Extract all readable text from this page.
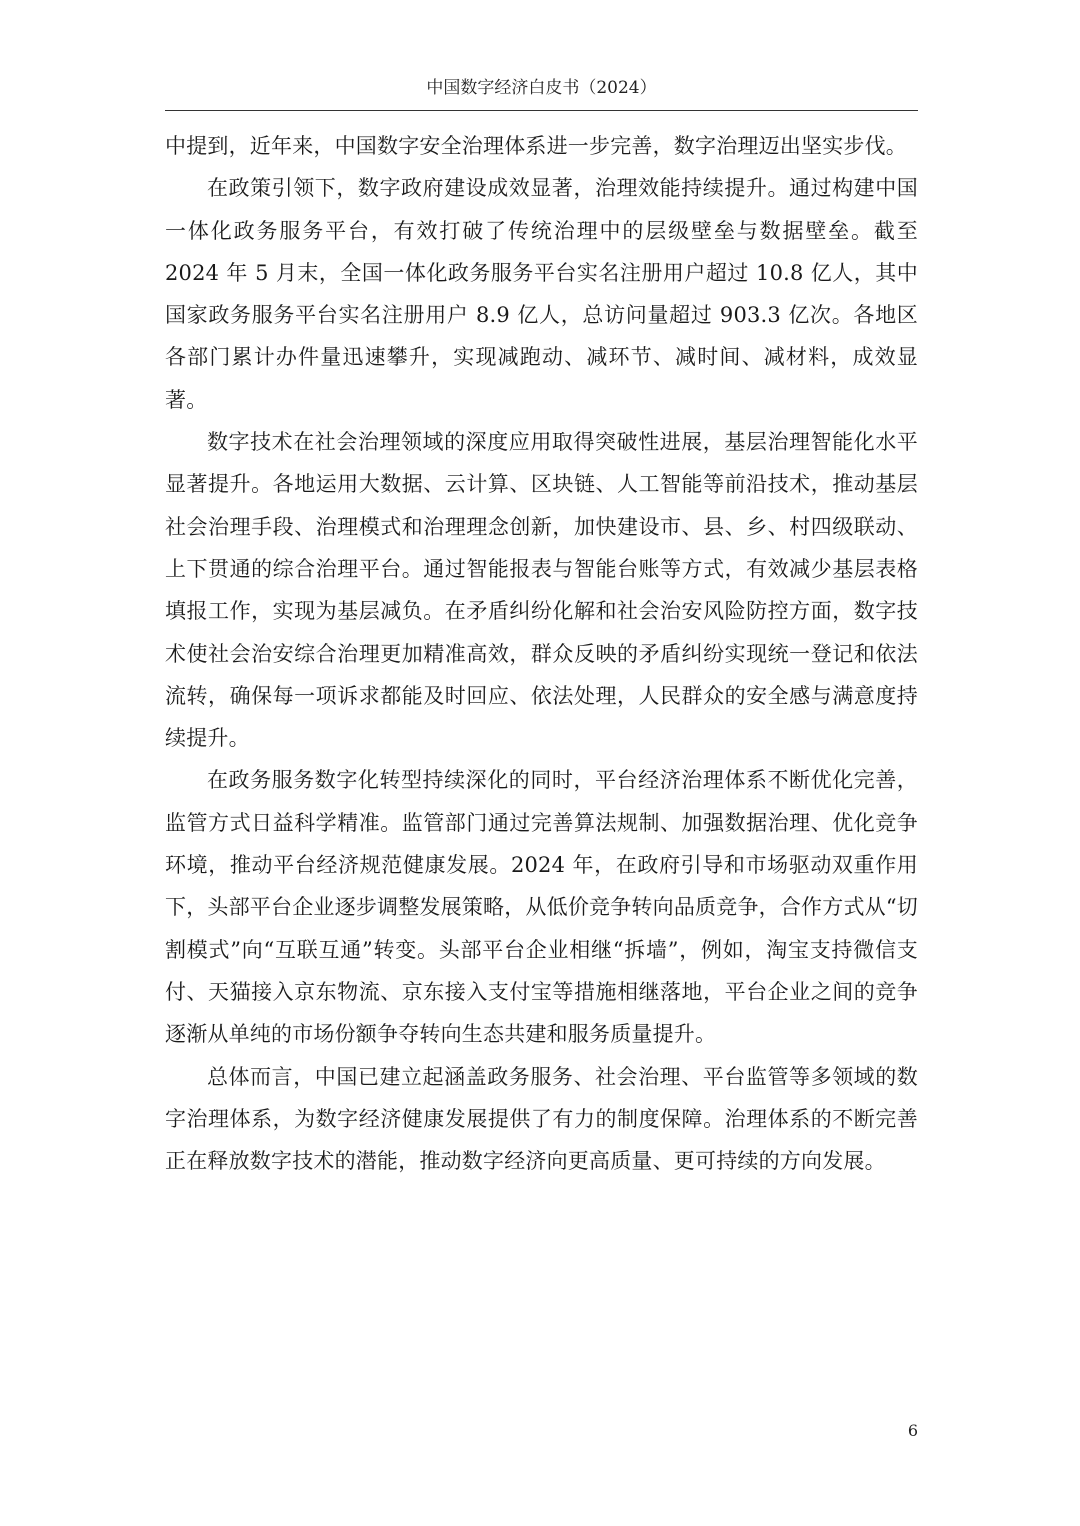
中国数字经济白皮书（2024）

中提到，近年来，中国数字安全治理体系进一步完善，数字治理迈出坚实步伐。

在政策引领下，数字政府建设成效显著，治理效能持续提升。通过构建中国一体化政务服务平台，有效打破了传统治理中的层级壁垒与数据壁垒。截至 2024 年 5 月末，全国一体化政务服务平台实名注册用户超过 10.8 亿人，其中国家政务服务平台实名注册用户 8.9 亿人，总访问量超过 903.3 亿次。各地区各部门累计办件量迅速攀升，实现减跑动、减环节、减时间、减材料，成效显著。

数字技术在社会治理领域的深度应用取得突破性进展，基层治理智能化水平显著提升。各地运用大数据、云计算、区块链、人工智能等前沿技术，推动基层社会治理手段、治理模式和治理理念创新，加快建设市、县、乡、村四级联动、上下贯通的综合治理平台。通过智能报表与智能台账等方式，有效减少基层表格填报工作，实现为基层减负。在矛盾纠纷化解和社会治安风险防控方面，数字技术使社会治安综合治理更加精准高效，群众反映的矛盾纠纷实现统一登记和依法流转，确保每一项诉求都能及时回应、依法处理，人民群众的安全感与满意度持续提升。

在政务服务数字化转型持续深化的同时，平台经济治理体系不断优化完善，监管方式日益科学精准。监管部门通过完善算法规制、加强数据治理、优化竞争环境，推动平台经济规范健康发展。2024 年，在政府引导和市场驱动双重作用下，头部平台企业逐步调整发展策略，从低价竞争转向品质竞争，合作方式从“切割模式”向“互联互通”转变。头部平台企业相继“拆墙”，例如，淘宝支持微信支付、天猫接入京东物流、京东接入支付宝等措施相继落地，平台企业之间的竞争逐渐从单纯的市场份额争夺转向生态共建和服务质量提升。

总体而言，中国已建立起涵盖政务服务、社会治理、平台监管等多领域的数字治理体系，为数字经济健康发展提供了有力的制度保障。治理体系的不断完善正在释放数字技术的潜能，推动数字经济向更高质量、更可持续的方向发展。

6
